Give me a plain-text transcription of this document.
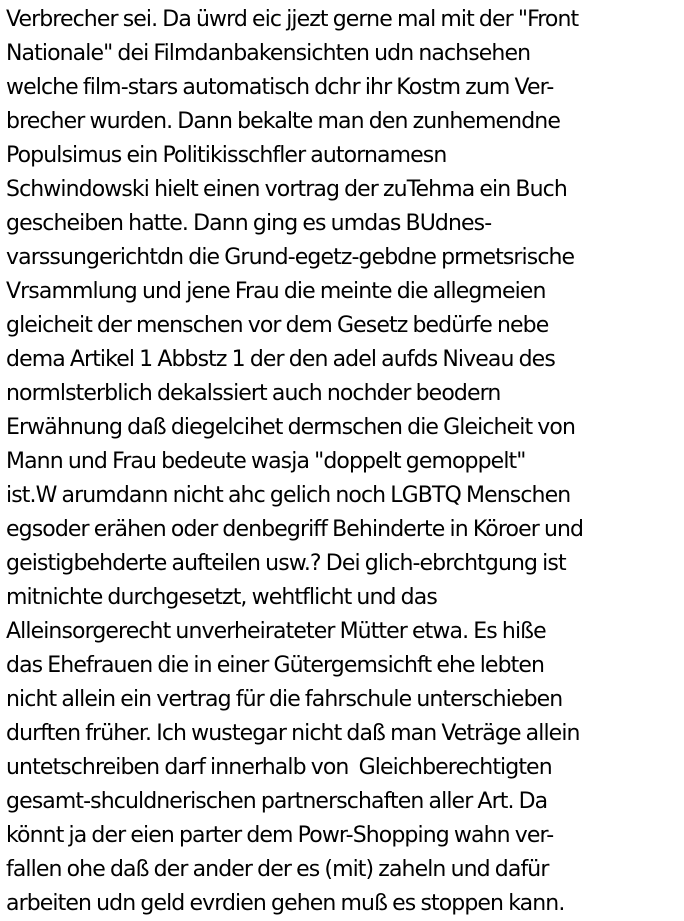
Verbrecher sei. Da üwrd eic jjezt gerne mal mit der "Front
Nationale" dei Filmdanbakensichten udn nachsehen
welche film-stars automatisch dchr ihr Kostm zum Ver-
brecher wurden. Dann bekalte man den zunhemendne
Populsimus ein Politikisschfler autornamesn
Schwindowski hielt einen vortrag der zuTehma ein Buch
gescheiben hatte. Dann ging es umdas BUdnes-
varssungerichtdn die Grund-egetz-gebdne prmetsrische
Vrsammlung und jene Frau die meinte die allegmeien
gleicheit der menschen vor dem Gesetz bedürfe nebe
dema Artikel 1 Abbstz 1 der den adel aufds Niveau des
normlsterblich dekalssiert auch nochder beodern
Erwähnung daß diegelcihet dermschen die Gleicheit von
Mann und Frau bedeute wasja "doppelt gemoppelt"
ist.W arumdann nicht ahc gelich noch LGBTQ Menschen
egsoder erähen oder denbegriff Behinderte in Köroer und
geistigbehderte aufteilen usw.? Dei glich-ebrchtgung ist
mitnichte durchgesetzt, wehtflicht und das
Alleinsorgerecht unverheirateter Mütter etwa. Es hiße
das Ehefrauen die in einer Gütergemsichft ehe lebten
nicht allein ein vertrag für die fahrschule unterschieben
durften früher. Ich wustegar nicht daß man Veträge allein
untetschreiben darf innerhalb von  Gleichberechtigten
gesamt-shculdnerischen partnerschaften aller Art. Da
könnt ja der eien parter dem Powr-Shopping wahn ver-
fallen ohe daß der ander der es (mit) zaheln und dafür
arbeiten udn geld evrdien gehen muß es stoppen kann.
